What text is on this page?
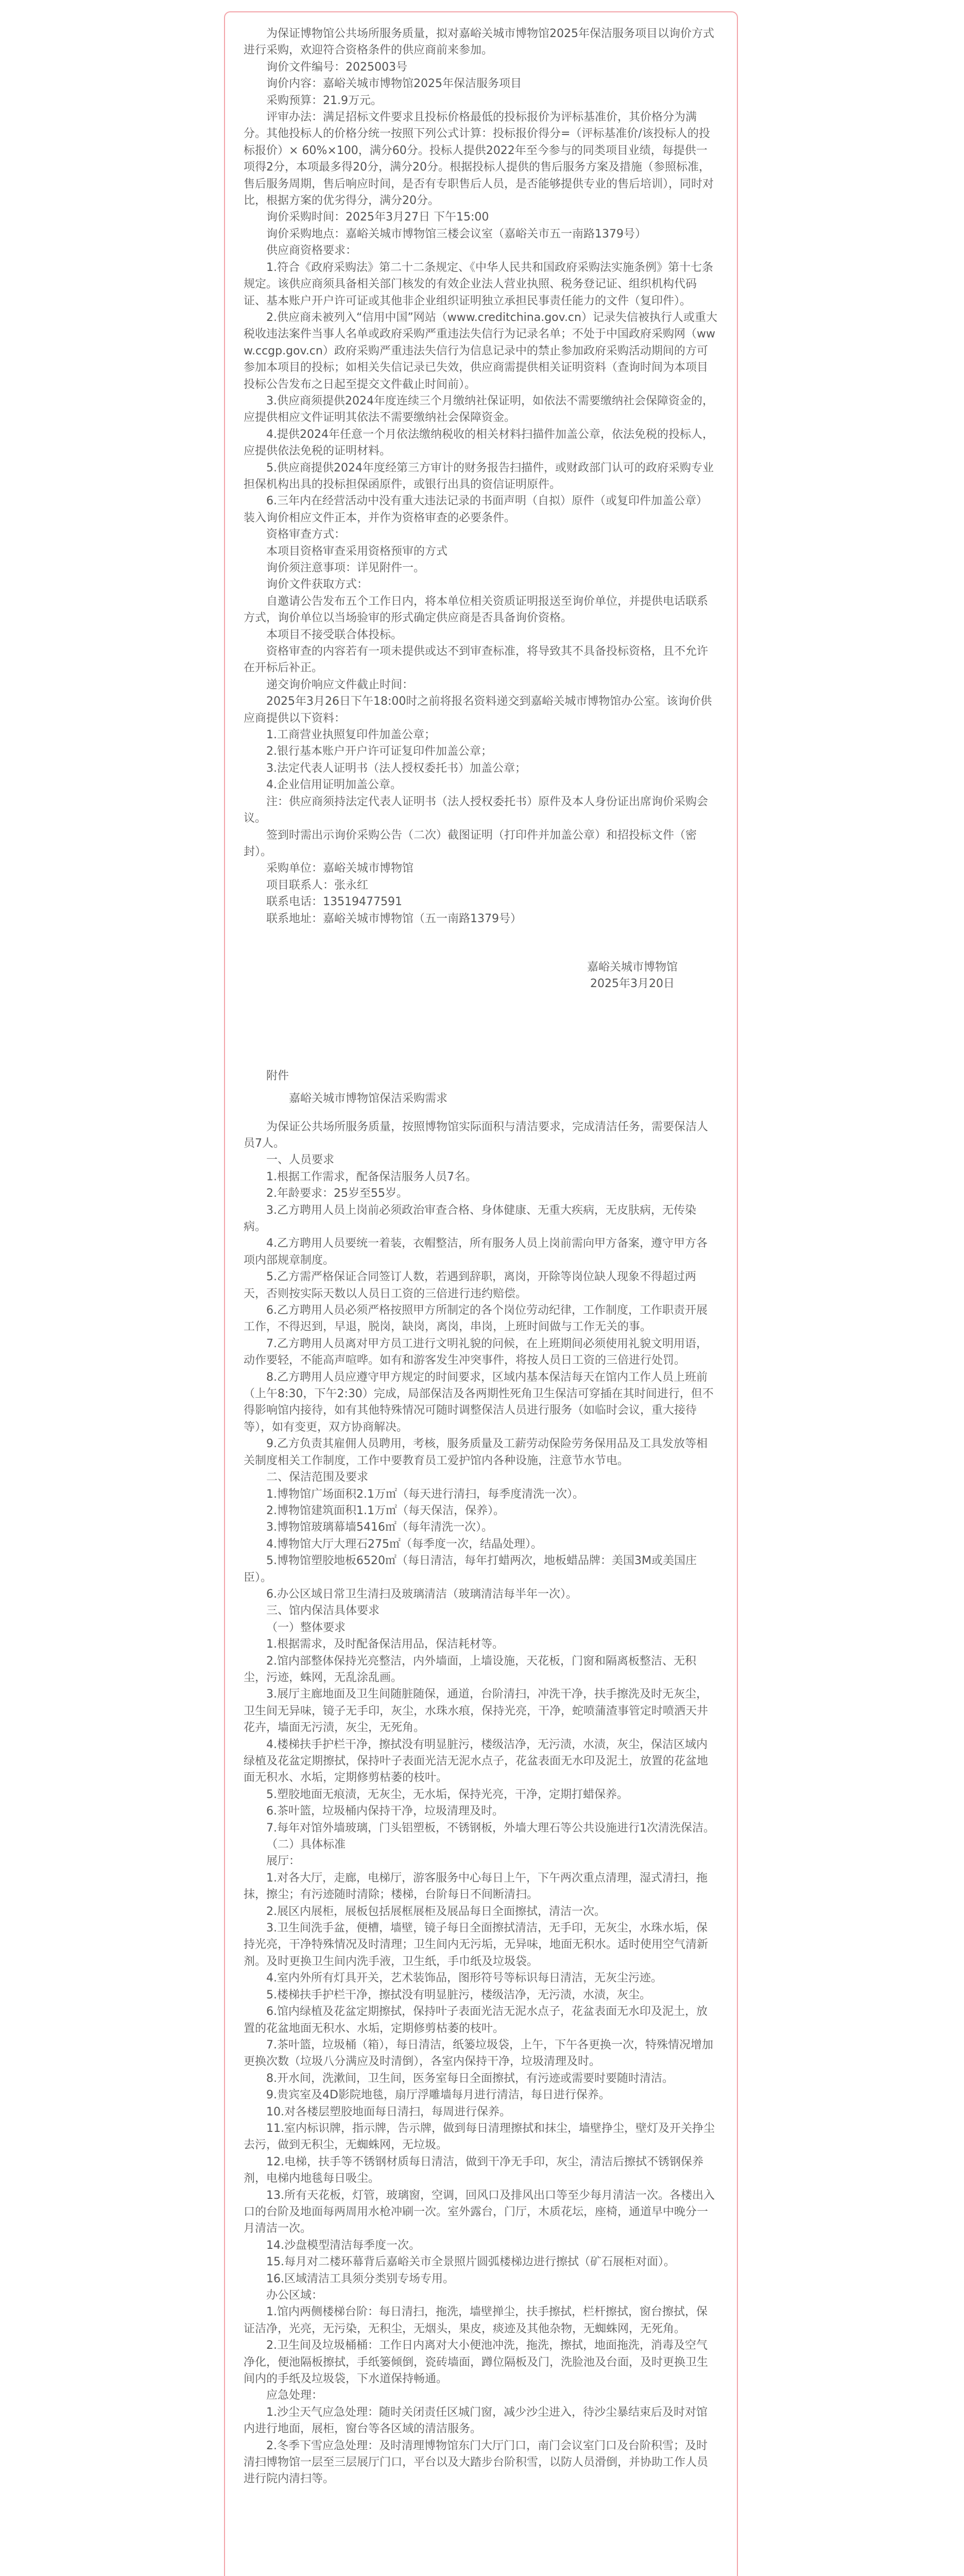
为保证博物馆公共场所服务质量，拟对嘉峪关城市博物馆2025年保洁服务项目以询价方式进行采购，欢迎符合资格条件的供应商前来参加。

询价文件编号：2025003号

询价内容：嘉峪关城市博物馆2025年保洁服务项目

采购预算：21.9万元。

评审办法：满足招标文件要求且投标价格最低的投标报价为评标基准价，其价格分为满分。其他投标人的价格分统一按照下列公式计算：投标报价得分=（评标基准价/该投标人的投标报价）× 60%×100，满分60分。投标人提供2022年至今参与的同类项目业绩，每提供一项得2分，本项最多得20分，满分20分。根据投标人提供的售后服务方案及措施（参照标准，售后服务周期，售后响应时间，是否有专职售后人员，是否能够提供专业的售后培训），同时对比，根据方案的优劣得分，满分20分。

询价采购时间：2025年3月27日 下午15:00

询价采购地点：嘉峪关城市博物馆三楼会议室（嘉峪关市五一南路1379号）

供应商资格要求：

1.符合《政府采购法》第二十二条规定、《中华人民共和国政府采购法实施条例》第十七条规定。该供应商须具备相关部门核发的有效企业法人营业执照、税务登记证、组织机构代码证、基本账户开户许可证或其他非企业组织证明独立承担民事责任能力的文件（复印件）。

2.供应商未被列入“信用中国”网站（www.creditchina.gov.cn）记录失信被执行人或重大税收违法案件当事人名单或政府采购严重违法失信行为记录名单；不处于中国政府采购网（www.ccgp.gov.cn）政府采购严重违法失信行为信息记录中的禁止参加政府采购活动期间的方可参加本项目的投标；如相关失信记录已失效，供应商需提供相关证明资料（查询时间为本项目投标公告发布之日起至提交文件截止时间前）。

3.供应商须提供2024年度连续三个月缴纳社保证明，如依法不需要缴纳社会保障资金的，应提供相应文件证明其依法不需要缴纳社会保障资金。

4.提供2024年任意一个月依法缴纳税收的相关材料扫描件加盖公章，依法免税的投标人，应提供依法免税的证明材料。

5.供应商提供2024年度经第三方审计的财务报告扫描件，或财政部门认可的政府采购专业担保机构出具的投标担保函原件，或银行出具的资信证明原件。

6.三年内在经营活动中没有重大违法记录的书面声明（自拟）原件（或复印件加盖公章）装入询价相应文件正本，并作为资格审查的必要条件。

资格审查方式：

本项目资格审查采用资格预审的方式

询价须注意事项：详见附件一。

询价文件获取方式：

自邀请公告发布五个工作日内，将本单位相关资质证明报送至询价单位，并提供电话联系方式，询价单位以当场验审的形式确定供应商是否具备询价资格。

本项目不接受联合体投标。

资格审查的内容若有一项未提供或达不到审查标准，将导致其不具备投标资格，且不允许在开标后补正。

递交询价响应文件截止时间：

2025年3月26日下午18:00时之前将报名资料递交到嘉峪关城市博物馆办公室。该询价供应商提供以下资料：

1.工商营业执照复印件加盖公章；

2.银行基本账户开户许可证复印件加盖公章；

3.法定代表人证明书（法人授权委托书）加盖公章；

4.企业信用证明加盖公章。

注：供应商须持法定代表人证明书（法人授权委托书）原件及本人身份证出席询价采购会议。

签到时需出示询价采购公告（二次）截图证明（打印件并加盖公章）和招投标文件（密封）。

采购单位：嘉峪关城市博物馆

项目联系人：张永红

联系电话：13519477591

联系地址：嘉峪关城市博物馆（五一南路1379号）

嘉峪关城市博物馆

2025年3月20日

附件

嘉峪关城市博物馆保洁采购需求

为保证公共场所服务质量，按照博物馆实际面积与清洁要求，完成清洁任务，需要保洁人员7人。

一、人员要求

1.根据工作需求，配备保洁服务人员7名。

2.年龄要求：25岁至55岁。

3.乙方聘用人员上岗前必须政治审查合格、身体健康、无重大疾病，无皮肤病，无传染病。

4.乙方聘用人员要统一着装，衣帽整洁，所有服务人员上岗前需向甲方备案，遵守甲方各项内部规章制度。

5.乙方需严格保证合同签订人数，若遇到辞职，离岗，开除等岗位缺人现象不得超过两天，否则按实际天数以人员日工资的三倍进行违约赔偿。

6.乙方聘用人员必须严格按照甲方所制定的各个岗位劳动纪律，工作制度，工作职责开展工作，不得迟到，早退，脱岗，缺岗，离岗，串岗，上班时间做与工作无关的事。

7.乙方聘用人员离对甲方员工进行文明礼貌的问候，在上班期间必须使用礼貌文明用语，动作要轻，不能高声喧哗。如有和游客发生冲突事件，将按人员日工资的三倍进行处罚。

8.乙方聘用人员应遵守甲方规定的时间要求，区域内基本保洁每天在馆内工作人员上班前（上午8:30，下午2:30）完成，局部保洁及各两期性死角卫生保洁可穿插在其时间进行，但不得影响馆内接待，如有其他特殊情况可随时调整保洁人员进行服务（如临时会议，重大接待等），如有变更，双方协商解决。

9.乙方负责其雇佣人员聘用，考核，服务质量及工薪劳动保险劳务保用品及工具发放等相关制度相关工作制度，工作中要教育员工爱护馆内各种设施，注意节水节电。

二、保洁范围及要求

1.博物馆广场面积2.1万㎡（每天进行清扫，每季度清洗一次）。

2.博物馆建筑面积1.1万㎡（每天保洁，保养）。

3.博物馆玻璃幕墙5416㎡（每年清洗一次）。

4.博物馆大厅大理石275㎡（每季度一次，结晶处理）。

5.博物馆塑胶地板6520㎡（每日清洁，每年打蜡两次，地板蜡品牌：美国3M或美国庄臣）。

6.办公区域日常卫生清扫及玻璃清洁（玻璃清洁每半年一次）。

三、馆内保洁具体要求

（一）整体要求

1.根据需求，及时配备保洁用品，保洁耗材等。

2.馆内部整体保持光亮整洁，内外墙面，上墙设施，天花板，门窗和隔离板整洁、无积尘，污迹，蛛网，无乱涂乱画。

3.展厅主廊地面及卫生间随脏随保，通道，台阶清扫，冲洗干净，扶手擦洗及时无灰尘，卫生间无异味，镜子无手印，灰尘，水珠水痕，保持光亮，干净，蛇喷蒲渣事管定时喷洒天井花卉，墙面无污渍，灰尘，无死角。

4.楼梯扶手护栏干净，擦拭没有明显脏污，楼级洁净，无污渍，水渍，灰尘，保洁区域内绿植及花盆定期擦拭，保持叶子表面光洁无泥水点子，花盆表面无水印及泥土，放置的花盆地面无积水、水垢，定期修剪枯萎的枝叶。

5.塑胶地面无痕渍，无灰尘，无水垢，保持光亮，干净，定期打蜡保养。

6.茶叶篮，垃圾桶内保持干净，垃圾清理及时。

7.每年对馆外墙玻璃，门头铝塑板，不锈钢板，外墙大理石等公共设施进行1次清洗保洁。

（二）具体标准

展厅：

1.对各大厅，走廊，电梯厅，游客服务中心每日上午，下午两次重点清理，湿式清扫，拖抹，擦尘；有污迹随时清除；楼梯，台阶每日不间断清扫。

2.展区内展柜，展板包括展框展柜及展品每日全面擦拭，清洁一次。

3.卫生间洗手盆，便槽，墙壁，镜子每日全面擦拭清洁，无手印，无灰尘，水珠水垢，保持光亮，干净特殊情况及时清理；卫生间内无污垢，无异味，地面无积水。适时使用空气清新剂。及时更换卫生间内洗手液，卫生纸，手巾纸及垃圾袋。

4.室内外所有灯具开关，艺术装饰品，图形符号等标识每日清洁，无灰尘污迹。

5.楼梯扶手护栏干净，擦拭没有明显脏污，楼级洁净，无污渍，水渍，灰尘。

6.馆内绿植及花盆定期擦拭，保持叶子表面光洁无泥水点子，花盆表面无水印及泥土，放置的花盆地面无积水、水垢，定期修剪枯萎的枝叶。

7.茶叶篮，垃圾桶（箱），每日清洁，纸篓垃圾袋，上午，下午各更换一次，特殊情况增加更换次数（垃圾八分满应及时清倒），各室内保持干净，垃圾清理及时。

8.开水间，洗漱间，卫生间，医务室每日全面擦拭，有污迹或需要时要随时清洁。

9.贵宾室及4D影院地毯，扇厅浮雕墙每月进行清洁，每日进行保养。

10.对各楼层塑胶地面每日清扫，每周进行保养。

11.室内标识牌，指示牌，告示牌，做到每日清理擦拭和抹尘，墙壁挣尘，壁灯及开关挣尘去污，做到无积尘，无蜘蛛网，无垃圾。

12.电梯，扶手等不锈钢材质每日清洁，做到干净无手印，灰尘，清洁后擦拭不锈钢保养剂，电梯内地毯每日吸尘。

13.所有天花板，灯管，玻璃窗，空调，回风口及排风出口等至少每月清洁一次。各楼出入口的台阶及地面每两周用水枪冲刷一次。室外露台，门厅，木质花坛，座椅，通道早中晚分一月清洁一次。

14.沙盘模型清洁每季度一次。

15.每月对二楼环幕背后嘉峪关市全景照片圆弧楼梯边进行擦拭（矿石展柜对面）。

16.区域清洁工具须分类别专场专用。

办公区域：

1.馆内两侧楼梯台阶：每日清扫，拖洗，墙壁掸尘，扶手擦拭，栏杆擦拭，窗台擦拭，保证洁净，光亮，无污染，无积尘，无烟头，果皮，痰迹及其他杂物，无蜘蛛网，无死角。

2.卫生间及垃圾桶桶：工作日内离对大小便池冲洗，拖洗，擦拭，地面拖洗，消毒及空气净化，便池隔板擦拭，手纸篓倾倒，瓷砖墙面，蹲位隔板及门，洗脸池及台面，及时更换卫生间内的手纸及垃圾袋，下水道保持畅通。

应急处理：

1.沙尘天气应急处理：随时关闭责任区城门窗，减少沙尘进入，待沙尘暴结束后及时对馆内进行地面，展柜，窗台等各区域的清洁服务。

2.冬季下雪应急处理：及时清理博物馆东门大厅门口，南门会议室门口及台阶积雪；及时清扫博物馆一层至三层展厅门口，平台以及大踏步台阶积雪，以防人员滑倒，并协助工作人员进行院内清扫等。
